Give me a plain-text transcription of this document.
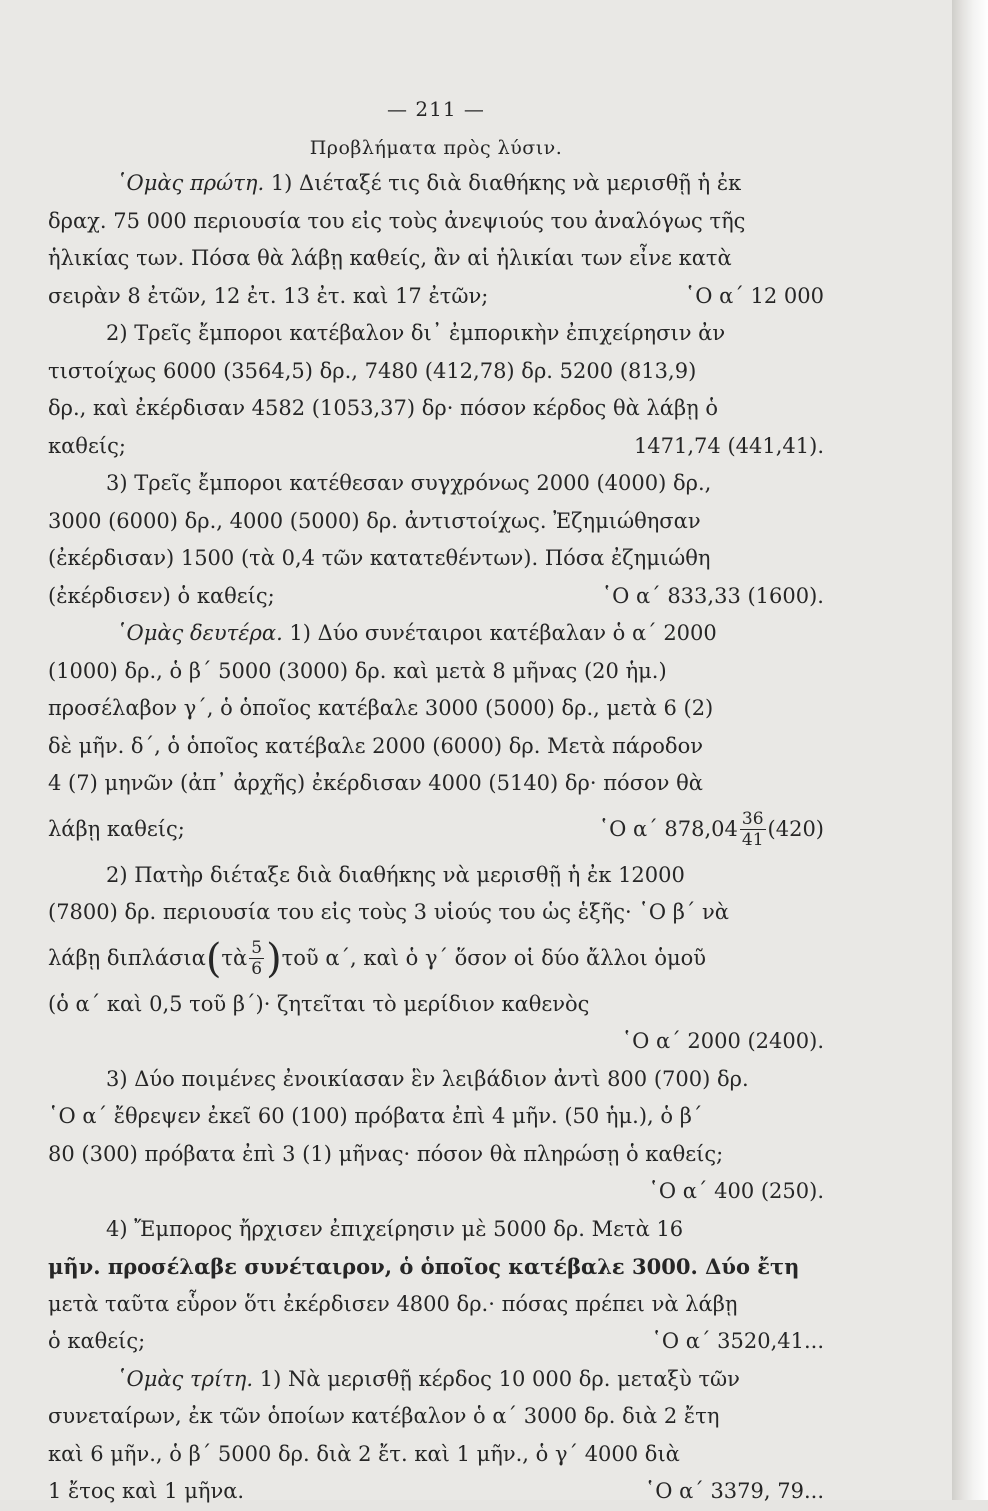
— 211 —
Προβλήματα πρὸς λύσιν.
῾Ομὰς πρώτη. 1) Διέταξέ τις διὰ διαθήκης νὰ μερισθῇ ἡ ἐκ
δραχ. 75 000 περιουσία του εἰς τοὺς ἀνεψιούς του ἀναλόγως τῆς
ἡλικίας των. Πόσα θὰ λάβῃ καθείς, ἂν αἱ ἡλικίαι των εἶνε κατὰ
σειρὰν 8 ἐτῶν, 12 ἐτ. 13 ἐτ. καὶ 17 ἐτῶν;	῾Ο α΄ 12 000
2) Τρεῖς ἔμποροι κατέβαλον δι᾿ ἐμπορικὴν ἐπιχείρησιν ἀν
τιστοίχως 6000 (3564,5) δρ., 7480 (412,78) δρ. 5200 (813,9)
δρ., καὶ ἐκέρδισαν 4582 (1053,37) δρ· πόσον κέρδος θὰ λάβῃ ὁ
καθείς;	1471,74 (441,41).
3) Τρεῖς ἔμποροι κατέθεσαν συγχρόνως 2000 (4000) δρ.,
3000 (6000) δρ., 4000 (5000) δρ. ἀντιστοίχως. Ἐζημιώθησαν
(ἐκέρδισαν) 1500 (τὰ 0,4 τῶν κατατεθέντων). Πόσα ἐζημιώθη
(ἐκέρδισεν) ὁ καθείς;	῾Ο α΄ 833,33 (1600).
῾Ομὰς δευτέρα. 1) Δύο συνέταιροι κατέβαλαν ὁ α΄ 2000
(1000) δρ., ὁ β΄ 5000 (3000) δρ. καὶ μετὰ 8 μῆνας (20 ἡμ.)
προσέλαβον γ΄, ὁ ὁποῖος κατέβαλε 3000 (5000) δρ., μετὰ 6 (2)
δὲ μῆν. δ΄, ὁ ὁποῖος κατέβαλε 2000 (6000) δρ. Μετὰ πάροδον
4 (7) μηνῶν (ἀπ᾿ ἀρχῆς) ἐκέρδισαν 4000 (5140) δρ· πόσον θὰ
λάβῃ καθείς;	῾Ο α΄ $878,04 \frac{36}{41} (420)$
2) Πατὴρ διέταξε διὰ διαθήκης νὰ μερισθῇ ἡ ἐκ 12000
(7800) δρ. περιουσία του εἰς τοὺς 3 υἱούς του ὡς ἑξῆς· ῾Ο β΄ νὰ
λάβῃ διπλάσια ( τὰ $\frac{5}{6}$ ) τοῦ α΄, καὶ ὁ γ΄ ὅσον οἱ δύο ἄλλοι ὁμοῦ
(ὁ α΄ καὶ 0,5 τοῦ β΄)· ζητεῖται τὸ μερίδιον καθενὸς
῾Ο α΄ 2000 (2400).
3) Δύο ποιμένες ἐνοικίασαν ἓν λειβάδιον ἀντὶ 800 (700) δρ.
῾Ο α΄ ἔθρεψεν ἐκεῖ 60 (100) πρόβατα ἐπὶ 4 μῆν. (50 ἡμ.), ὁ β΄
80 (300) πρόβατα ἐπὶ 3 (1) μῆνας· πόσον θὰ πληρώσῃ ὁ καθείς;
῾Ο α΄ 400 (250).
4) Ἔμπορος ἤρχισεν ἐπιχείρησιν μὲ 5000 δρ. Μετὰ 16
μῆν. προσέλαβε συνέταιρον, ὁ ὁποῖος κατέβαλε 3000. Δύο ἔτη
μετὰ ταῦτα εὗρον ὅτι ἐκέρδισεν 4800 δρ.· πόσας πρέπει νὰ λάβῃ
ὁ καθείς;	῾Ο α΄ 3520,41...
῾Ομὰς τρίτη. 1) Νὰ μερισθῇ κέρδος 10 000 δρ. μεταξὺ τῶν
συνεταίρων, ἐκ τῶν ὁποίων κατέβαλον ὁ α΄ 3000 δρ. διὰ 2 ἔτη
καὶ 6 μῆν., ὁ β΄ 5000 δρ. διὰ 2 ἔτ. καὶ 1 μῆν., ὁ γ΄ 4000 διὰ
1 ἔτος καὶ 1 μῆνα.	῾Ο α΄ 3379, 79...
